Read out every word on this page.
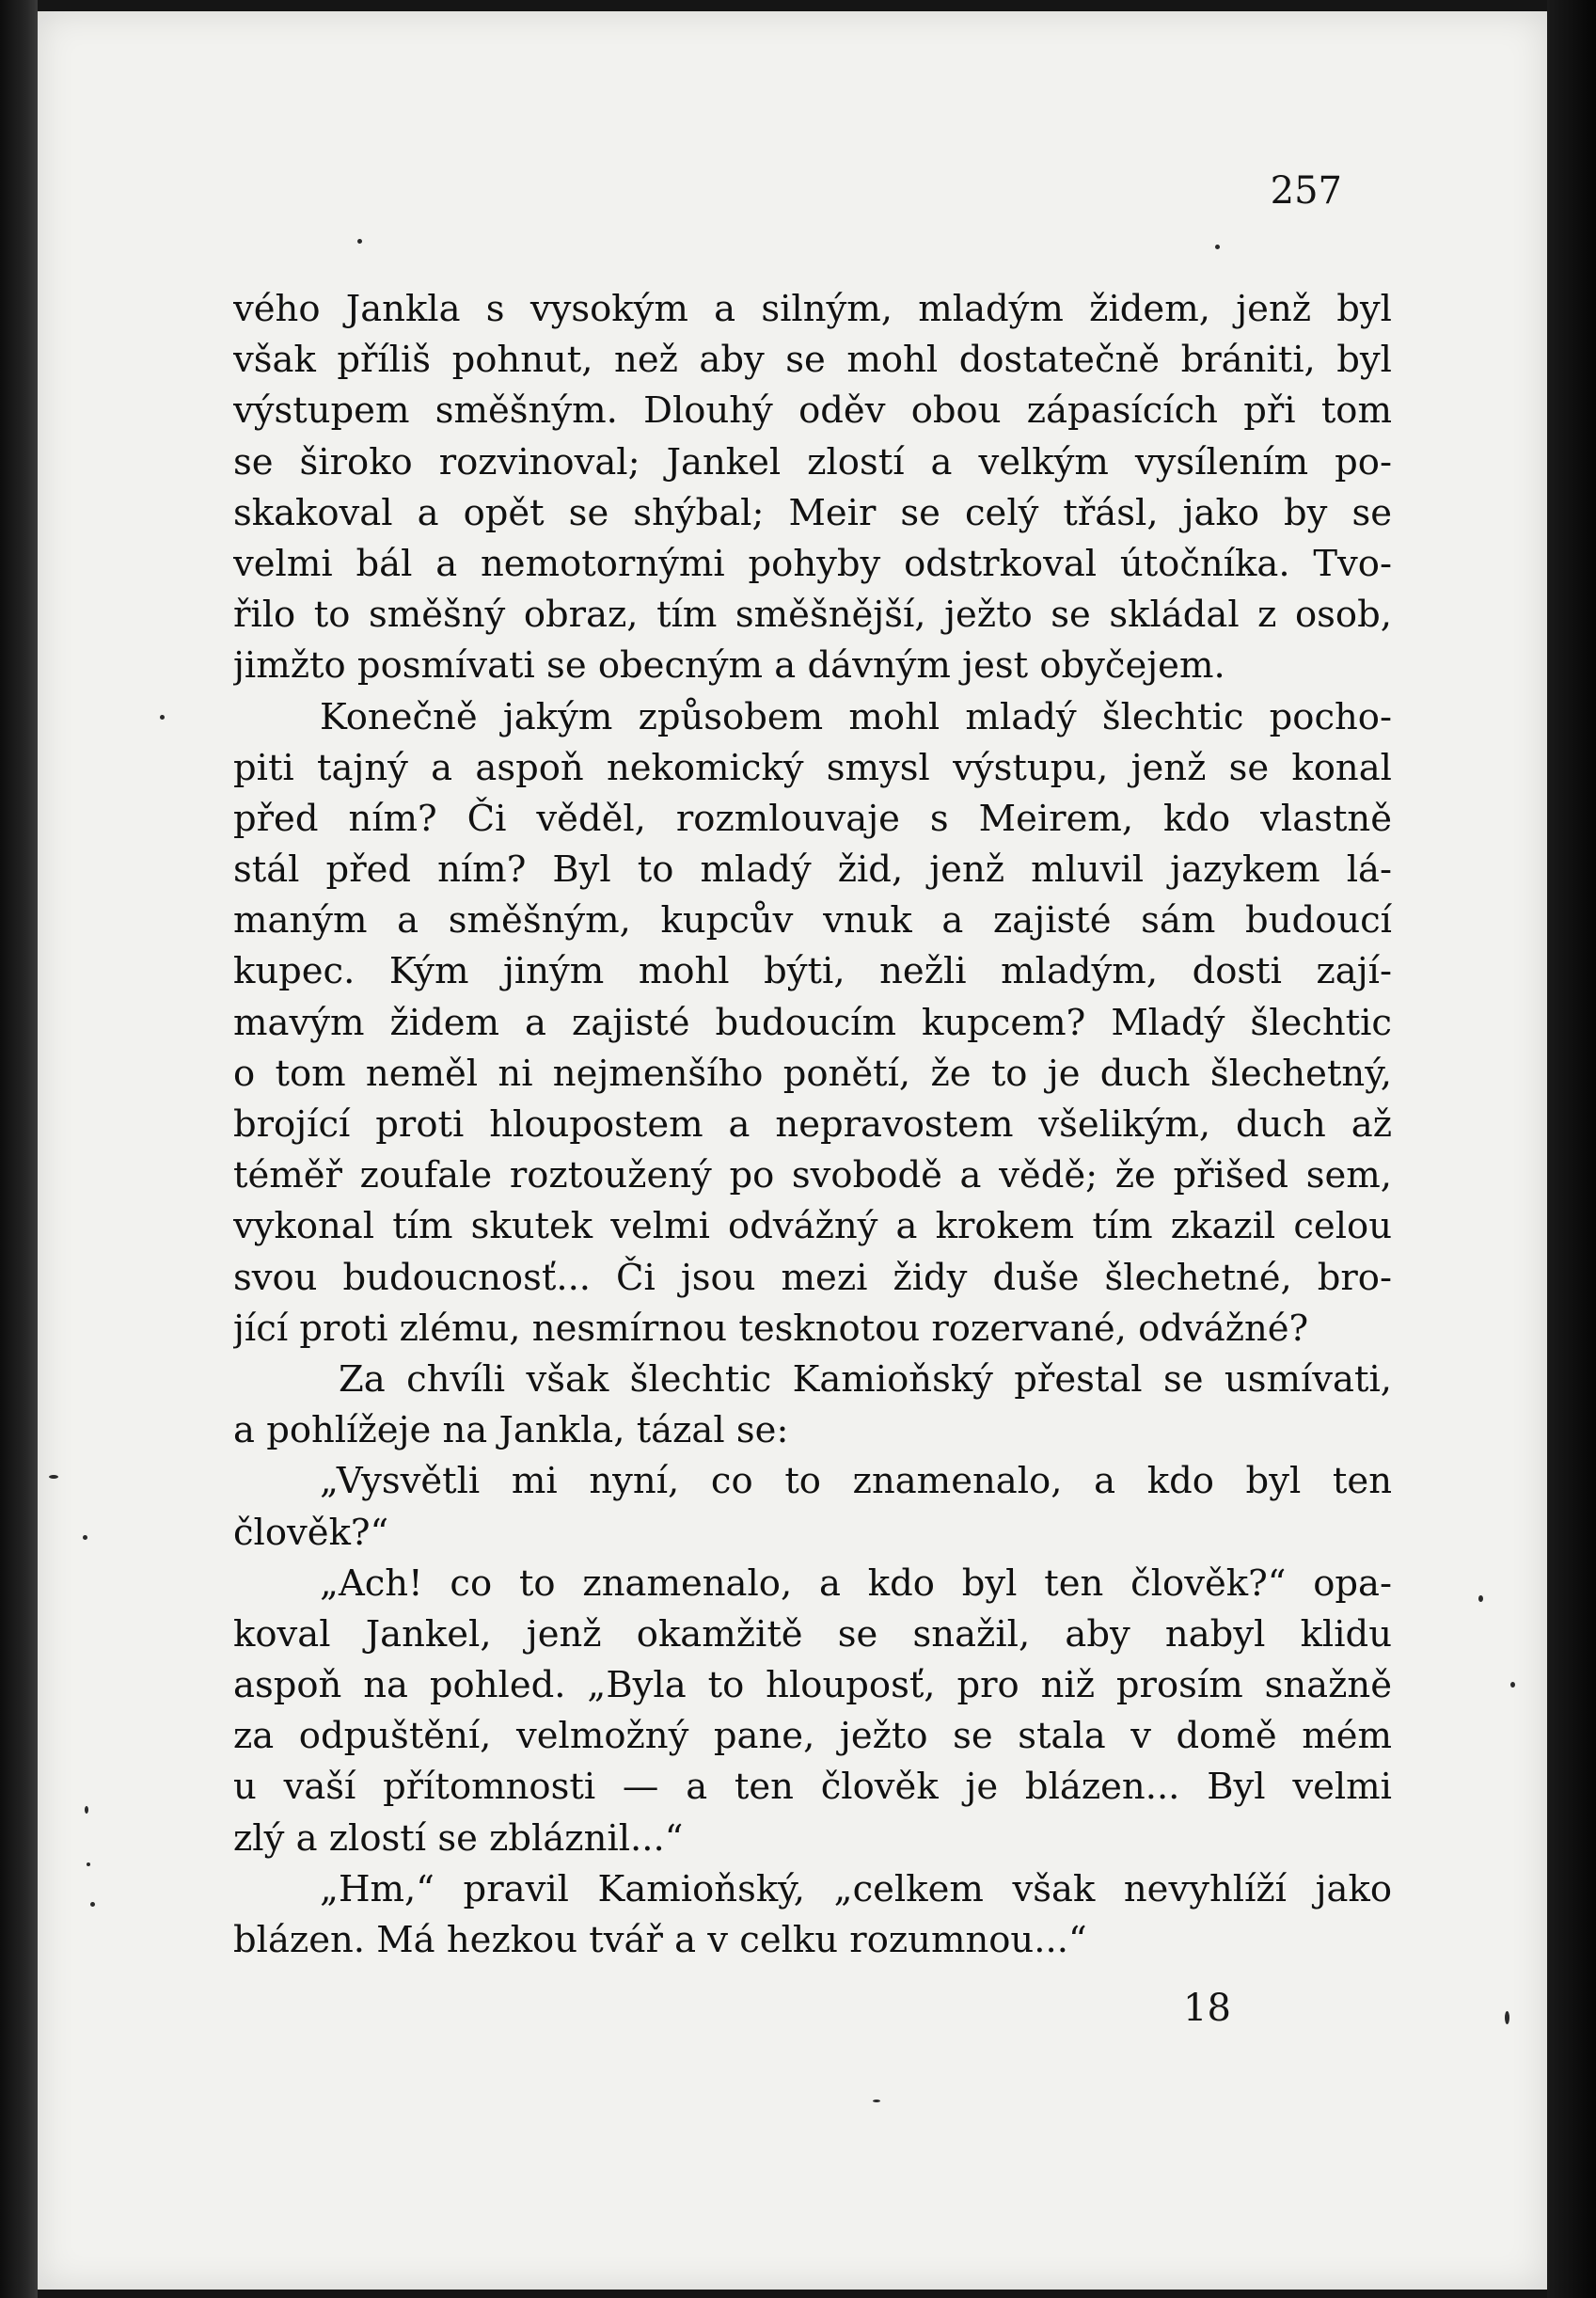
257
vého Jankla s vysokým a silným, mladým židem, jenž byl
však příliš pohnut, než aby se mohl dostatečně brániti, byl
výstupem směšným. Dlouhý oděv obou zápasících při tom
se široko rozvinoval; Jankel zlostí a velkým vysílením po-
skakoval a opět se shýbal; Meir se celý třásl, jako by se
velmi bál a nemotornými pohyby odstrkoval útočníka. Tvo-
řilo to směšný obraz, tím směšnější, ježto se skládal z osob,
jimžto posmívati se obecným a dávným jest obyčejem.
Konečně jakým způsobem mohl mladý šlechtic pocho-
piti tajný a aspoň nekomický smysl výstupu, jenž se konal
před ním? Či věděl, rozmlouvaje s Meirem, kdo vlastně
stál před ním? Byl to mladý žid, jenž mluvil jazykem lá-
maným a směšným, kupcův vnuk a zajisté sám budoucí
kupec. Kým jiným mohl býti, nežli mladým, dosti zají-
mavým židem a zajisté budoucím kupcem? Mladý šlechtic
o tom neměl ni nejmenšího ponětí, že to je duch šlechetný,
brojící proti hloupostem a nepravostem všelikým, duch až
téměř zoufale roztoužený po svobodě a vědě; že přišed sem,
vykonal tím skutek velmi odvážný a krokem tím zkazil celou
svou budoucnosť... Či jsou mezi židy duše šlechetné, bro-
jící proti zlému, nesmírnou tesknotou rozervané, odvážné?
Za chvíli však šlechtic Kamioňský přestal se usmívati,
a pohlížeje na Jankla, tázal se:
„Vysvětli mi nyní, co to znamenalo, a kdo byl ten
člověk?“
„Ach! co to znamenalo, a kdo byl ten člověk?“ opa-
koval Jankel, jenž okamžitě se snažil, aby nabyl klidu
aspoň na pohled. „Byla to hlouposť, pro niž prosím snažně
za odpuštění, velmožný pane, ježto se stala v domě mém
u vaší přítomnosti — a ten člověk je blázen... Byl velmi
zlý a zlostí se zbláznil...“
„Hm,“ pravil Kamioňský, „celkem však nevyhlíží jako
blázen. Má hezkou tvář a v celku rozumnou...“
18
